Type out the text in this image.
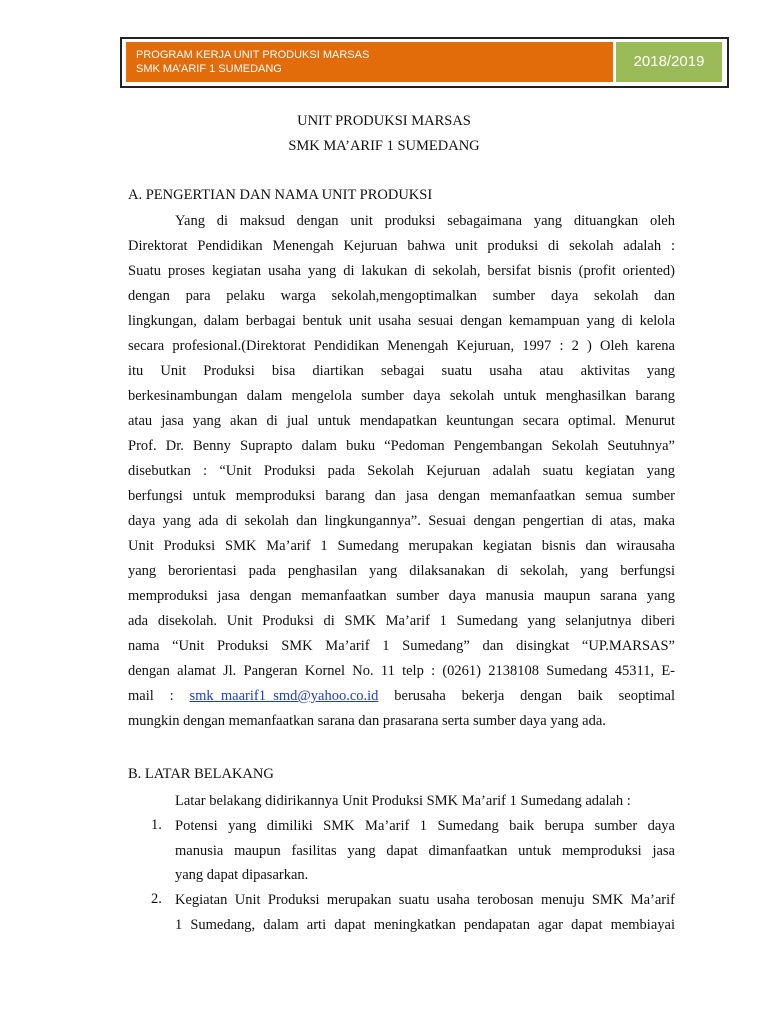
PROGRAM KERJA UNIT PRODUKSI MARSAS
SMK MA’ARIF 1 SUMEDANG	2018/2019
UNIT PRODUKSI MARSAS
SMK MA’ARIF 1 SUMEDANG
A. PENGERTIAN DAN NAMA UNIT PRODUKSI
Yang di maksud dengan unit produksi sebagaimana yang dituangkan oleh
Direktorat Pendidikan Menengah Kejuruan bahwa unit produksi di sekolah adalah :
Suatu proses kegiatan usaha yang di lakukan di sekolah, bersifat bisnis (profit oriented)
dengan para pelaku warga sekolah,mengoptimalkan sumber daya sekolah dan
lingkungan, dalam berbagai bentuk unit usaha sesuai dengan kemampuan yang di kelola
secara profesional.(Direktorat Pendidikan Menengah Kejuruan, 1997 : 2 ) Oleh karena
itu Unit Produksi bisa diartikan sebagai suatu usaha atau aktivitas yang
berkesinambungan dalam mengelola sumber daya sekolah untuk menghasilkan barang
atau jasa yang akan di jual untuk mendapatkan keuntungan secara optimal. Menurut
Prof. Dr. Benny Suprapto dalam buku “Pedoman Pengembangan Sekolah Seutuhnya”
disebutkan : “Unit Produksi pada Sekolah Kejuruan adalah suatu kegiatan yang
berfungsi untuk memproduksi barang dan jasa dengan memanfaatkan semua sumber
daya yang ada di sekolah dan lingkungannya”. Sesuai dengan pengertian di atas, maka
Unit Produksi SMK Ma’arif 1 Sumedang merupakan kegiatan bisnis dan wirausaha
yang berorientasi pada penghasilan yang dilaksanakan di sekolah, yang berfungsi
memproduksi jasa dengan memanfaatkan sumber daya manusia maupun sarana yang
ada disekolah. Unit Produksi di SMK Ma’arif 1 Sumedang yang selanjutnya diberi
nama “Unit Produksi SMK Ma’arif 1 Sumedang” dan disingkat “UP.MARSAS”
dengan alamat Jl. Pangeran Kornel No. 11 telp : (0261) 2138108 Sumedang 45311, E-
mail : smk_maarif1_smd@yahoo.co.id berusaha bekerja dengan baik seoptimal
mungkin dengan memanfaatkan sarana dan prasarana serta sumber daya yang ada.
B. LATAR BELAKANG
Latar belakang didirikannya Unit Produksi SMK Ma’arif 1 Sumedang adalah :
1. Potensi yang dimiliki SMK Ma’arif 1 Sumedang baik berupa sumber daya
manusia maupun fasilitas yang dapat dimanfaatkan untuk memproduksi jasa
yang dapat dipasarkan.
2. Kegiatan Unit Produksi merupakan suatu usaha terobosan menuju SMK Ma’arif
1 Sumedang, dalam arti dapat meningkatkan pendapatan agar dapat membiayai
